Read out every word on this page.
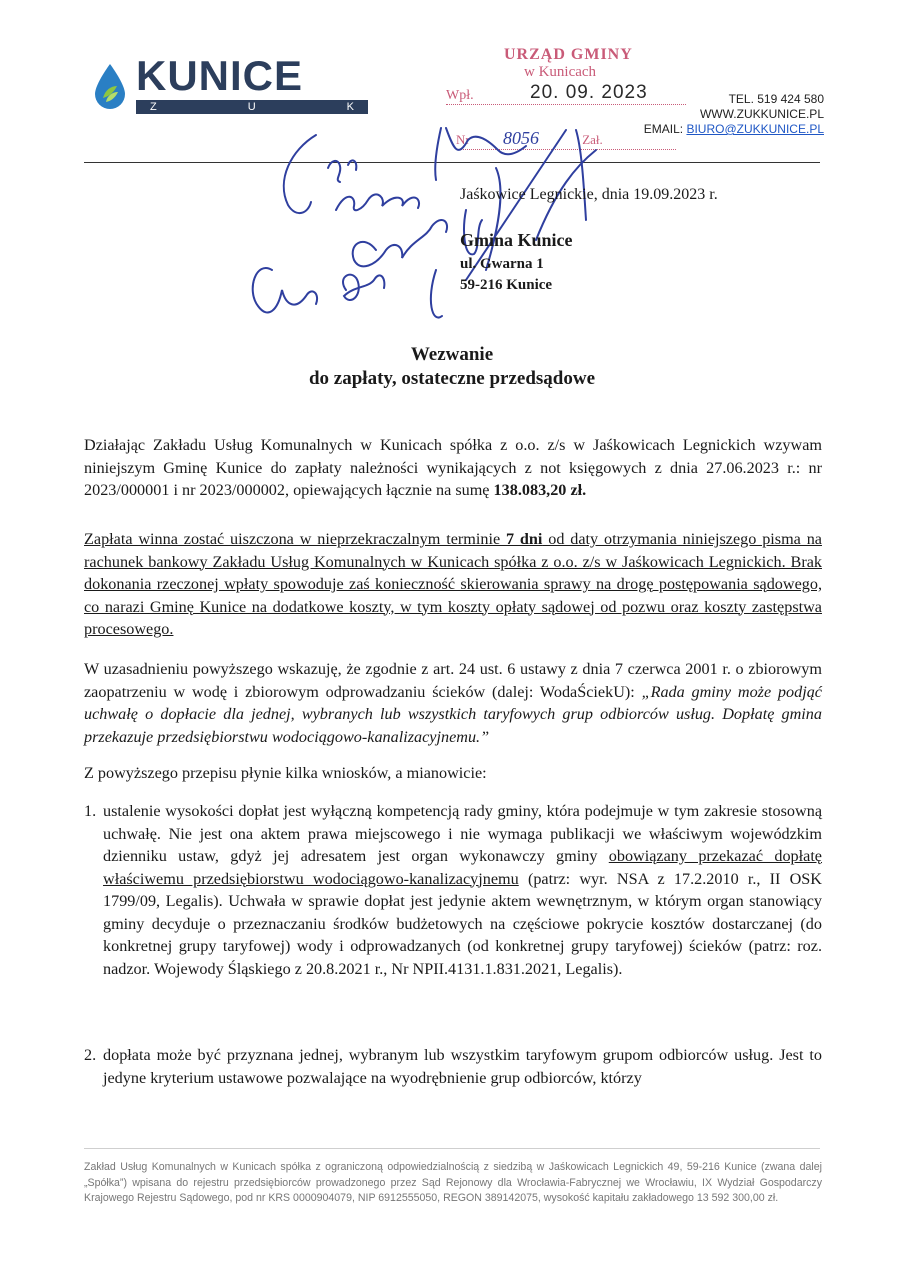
KUNICE
Z	U	K
URZĄD GMINY
w Kunicach
Wpł.	20. 09. 2023
Nr 8056	Zał.
TEL. 519 424 580
WWW.ZUKKUNICE.PL
EMAIL: BIURO@ZUKKUNICE.PL
Jaśkowice Legnickie, dnia 19.09.2023 r.
Gmina Kunice
ul. Gwarna 1
59-216 Kunice
Wezwanie
do zapłaty, ostateczne przedsądowe
Działając Zakładu Usług Komunalnych w Kunicach spółka z o.o. z/s w Jaśkowicach Legnickich wzywam niniejszym Gminę Kunice do zapłaty należności wynikających z not księgowych z dnia 27.06.2023 r.: nr 2023/000001 i nr 2023/000002, opiewających łącznie na sumę 138.083,20 zł.
Zapłata winna zostać uiszczona w nieprzekraczalnym terminie 7 dni od daty otrzymania niniejszego pisma na rachunek bankowy Zakładu Usług Komunalnych w Kunicach spółka z o.o. z/s w Jaśkowicach Legnickich. Brak dokonania rzeczonej wpłaty spowoduje zaś konieczność skierowania sprawy na drogę postępowania sądowego, co narazi Gminę Kunice na dodatkowe koszty, w tym koszty opłaty sądowej od pozwu oraz koszty zastępstwa procesowego.
W uzasadnieniu powyższego wskazuję, że zgodnie z art. 24 ust. 6 ustawy z dnia 7 czerwca 2001 r. o zbiorowym zaopatrzeniu w wodę i zbiorowym odprowadzaniu ścieków (dalej: WodaŚciekU): „Rada gminy może podjąć uchwałę o dopłacie dla jednej, wybranych lub wszystkich taryfowych grup odbiorców usług. Dopłatę gmina przekazuje przedsiębiorstwu wodociągowo-kanalizacyjnemu.”
Z powyższego przepisu płynie kilka wniosków, a mianowicie:
1. ustalenie wysokości dopłat jest wyłączną kompetencją rady gminy, która podejmuje w tym zakresie stosowną uchwałę. Nie jest ona aktem prawa miejscowego i nie wymaga publikacji we właściwym wojewódzkim dzienniku ustaw, gdyż jej adresatem jest organ wykonawczy gminy obowiązany przekazać dopłatę właściwemu przedsiębiorstwu wodociągowo-kanalizacyjnemu (patrz: wyr. NSA z 17.2.2010 r., II OSK 1799/09, Legalis). Uchwała w sprawie dopłat jest jedynie aktem wewnętrznym, w którym organ stanowiący gminy decyduje o przeznaczaniu środków budżetowych na częściowe pokrycie kosztów dostarczanej (do konkretnej grupy taryfowej) wody i odprowadzanych (od konkretnej grupy taryfowej) ścieków (patrz: roz. nadzor. Wojewody Śląskiego z 20.8.2021 r., Nr NPII.4131.1.831.2021, Legalis).
2. dopłata może być przyznana jednej, wybranym lub wszystkim taryfowym grupom odbiorców usług. Jest to jedyne kryterium ustawowe pozwalające na wyodrębnienie grup odbiorców, którzy
Zakład Usług Komunalnych w Kunicach spółka z ograniczoną odpowiedzialnością z siedzibą w Jaśkowicach Legnickich 49, 59-216 Kunice (zwana dalej „Spółka”) wpisana do rejestru przedsiębiorców prowadzonego przez Sąd Rejonowy dla Wrocławia-Fabrycznej we Wrocławiu, IX Wydział Gospodarczy Krajowego Rejestru Sądowego, pod nr KRS 0000904079, NIP 6912555050, REGON 389142075, wysokość kapitału zakładowego 13 592 300,00 zł.
